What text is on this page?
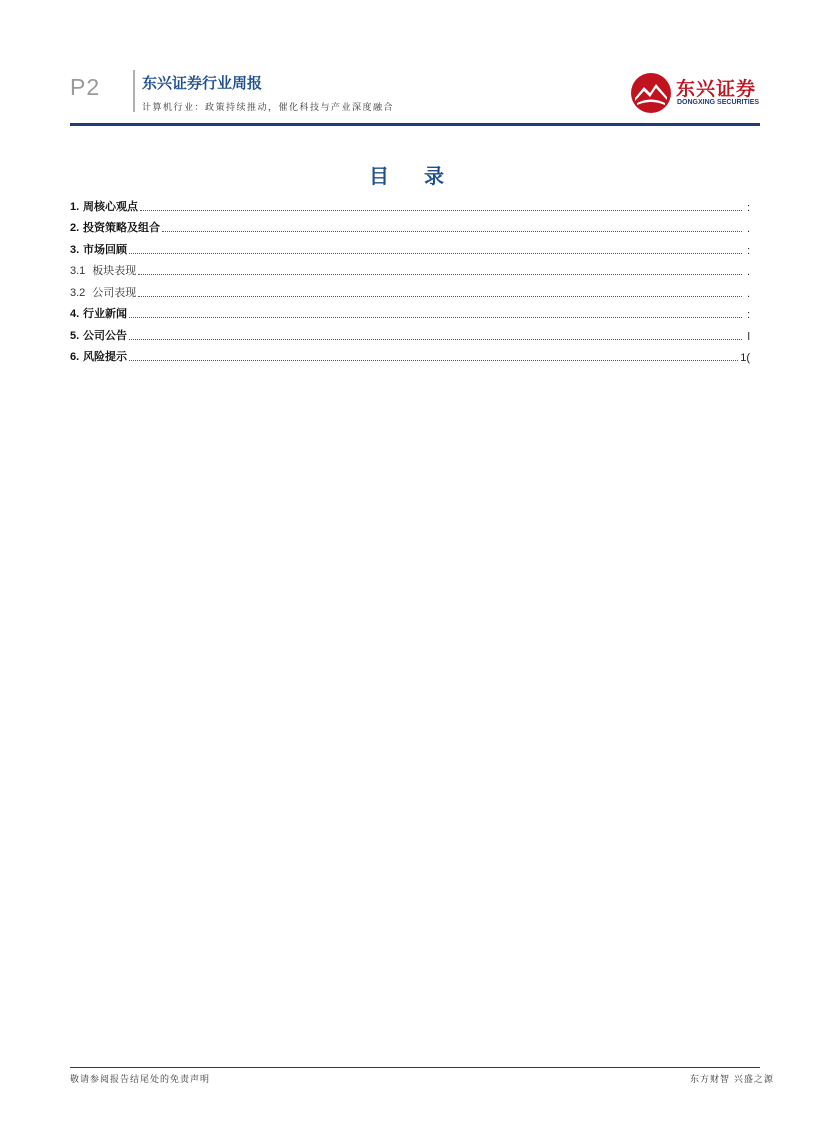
P2	东兴证券行业周报
计算机行业：政策持续推动，催化科技与产业深度融合
东兴证券
DONGXING SECURITIES
目 录
1. 周核心观点	:
2. 投资策略及组合	.
3. 市场回顾	:
3.1 板块表现	.
3.2 公司表现	.
4. 行业新闻	:
5. 公司公告	l
6. 风险提示	1(
敬请参阅报告结尾处的免责声明	东方财智 兴盛之源
